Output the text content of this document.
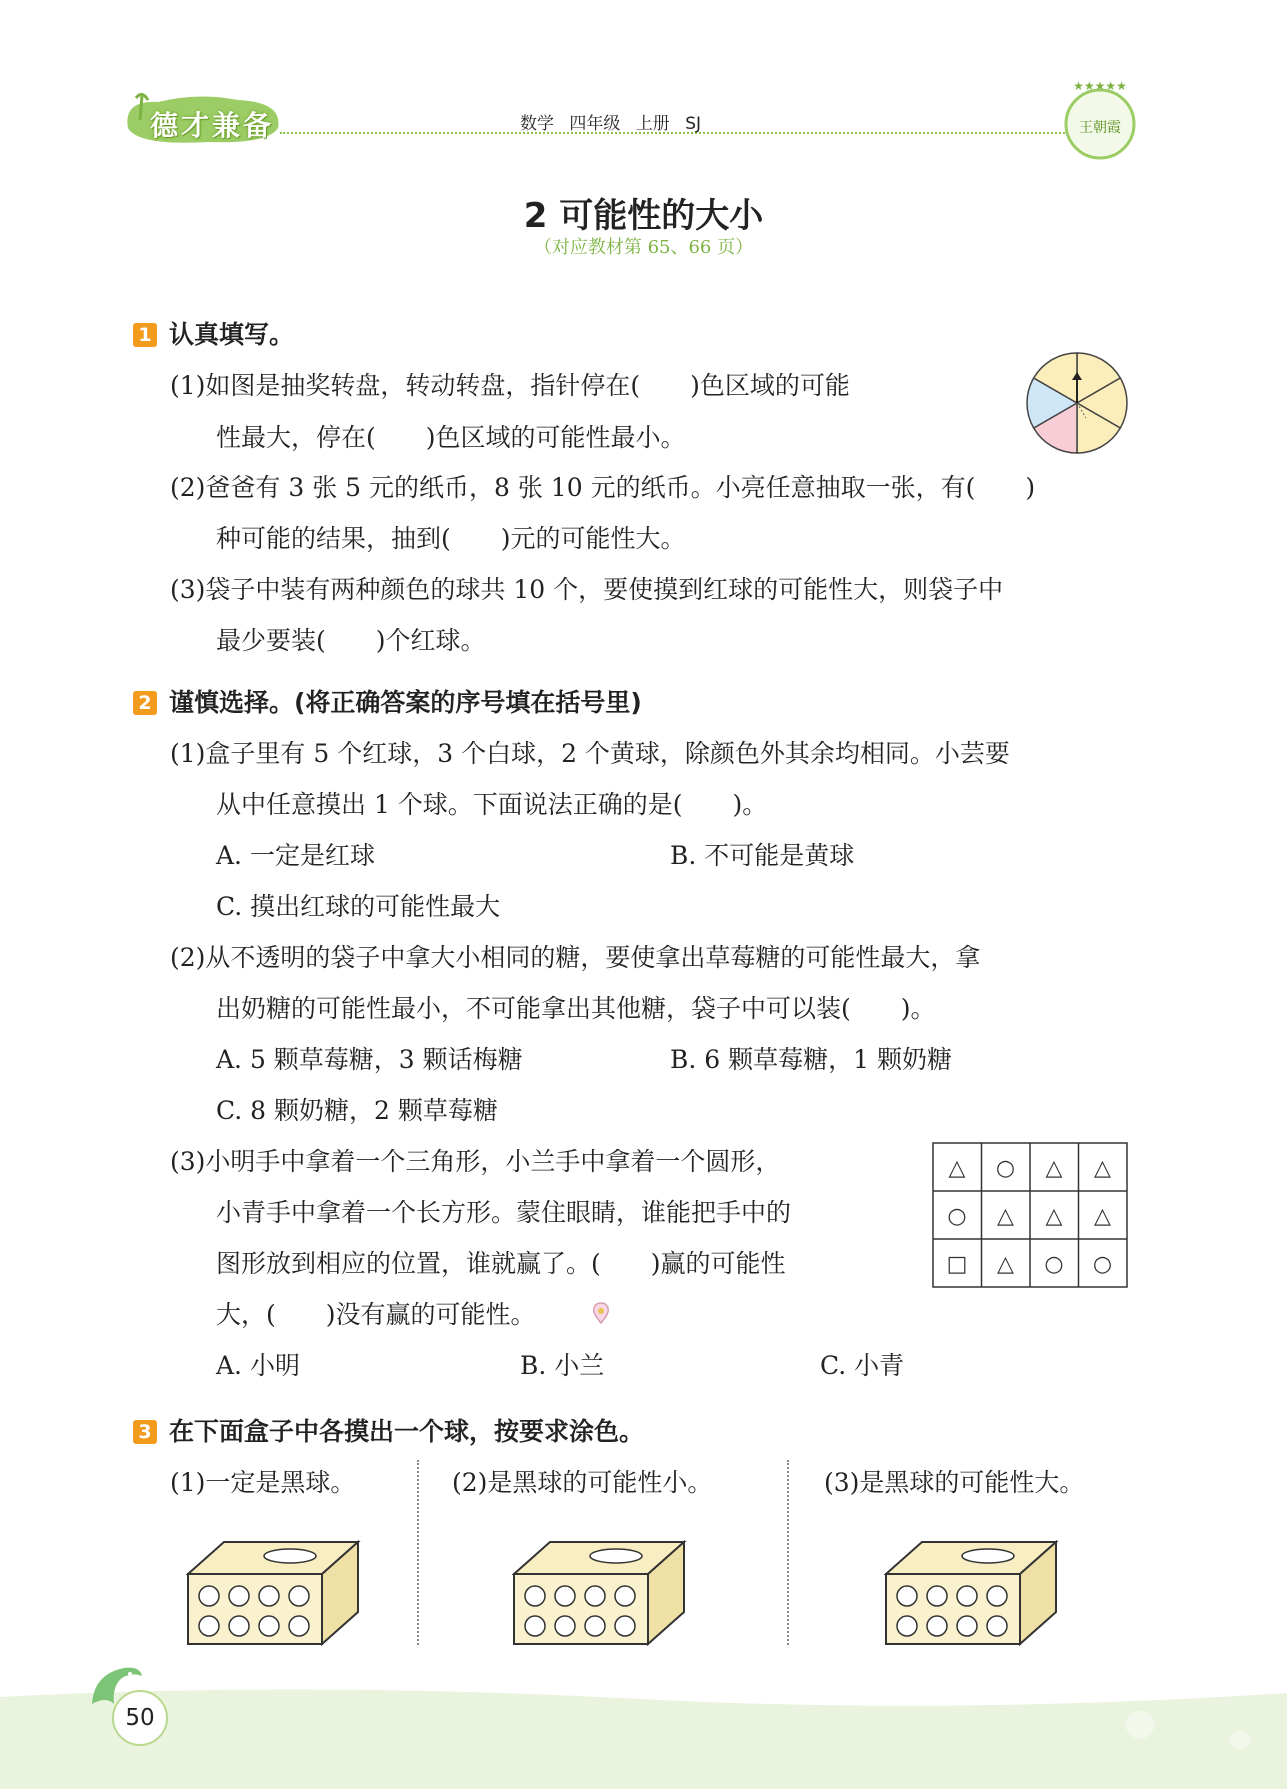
德才兼备	数学 四年级 上册 SJ
★★★★★
王朝霞
2 可能性的大小
（对应教材第 65、66 页）
1 认真填写。
(1)如图是抽奖转盘，转动转盘，指针停在(　　)色区域的可能
性最大，停在(　　)色区域的可能性最小。
(2)爸爸有 3 张 5 元的纸币，8 张 10 元的纸币。小亮任意抽取一张，有(　　)
种可能的结果，抽到(　　)元的可能性大。
(3)袋子中装有两种颜色的球共 10 个，要使摸到红球的可能性大，则袋子中
最少要装(　　)个红球。
2 谨慎选择。(将正确答案的序号填在括号里)
(1)盒子里有 5 个红球，3 个白球，2 个黄球，除颜色外其余均相同。小芸要
从中任意摸出 1 个球。下面说法正确的是(　　)。
A. 一定是红球	B. 不可能是黄球
C. 摸出红球的可能性最大
(2)从不透明的袋子中拿大小相同的糖，要使拿出草莓糖的可能性最大，拿
出奶糖的可能性最小，不可能拿出其他糖，袋子中可以装(　　)。
A. 5 颗草莓糖，3 颗话梅糖	B. 6 颗草莓糖，1 颗奶糖
C. 8 颗奶糖，2 颗草莓糖
(3)小明手中拿着一个三角形，小兰手中拿着一个圆形，
小青手中拿着一个长方形。蒙住眼睛，谁能把手中的
图形放到相应的位置，谁就赢了。(　　)赢的可能性
大，(　　)没有赢的可能性。
A. 小明	B. 小兰	C. 小青
△ ○ △ △
○ △ △ △
□ △ ○ ○
3 在下面盒子中各摸出一个球，按要求涂色。
(1)一定是黑球。	(2)是黑球的可能性小。	(3)是黑球的可能性大。
50
